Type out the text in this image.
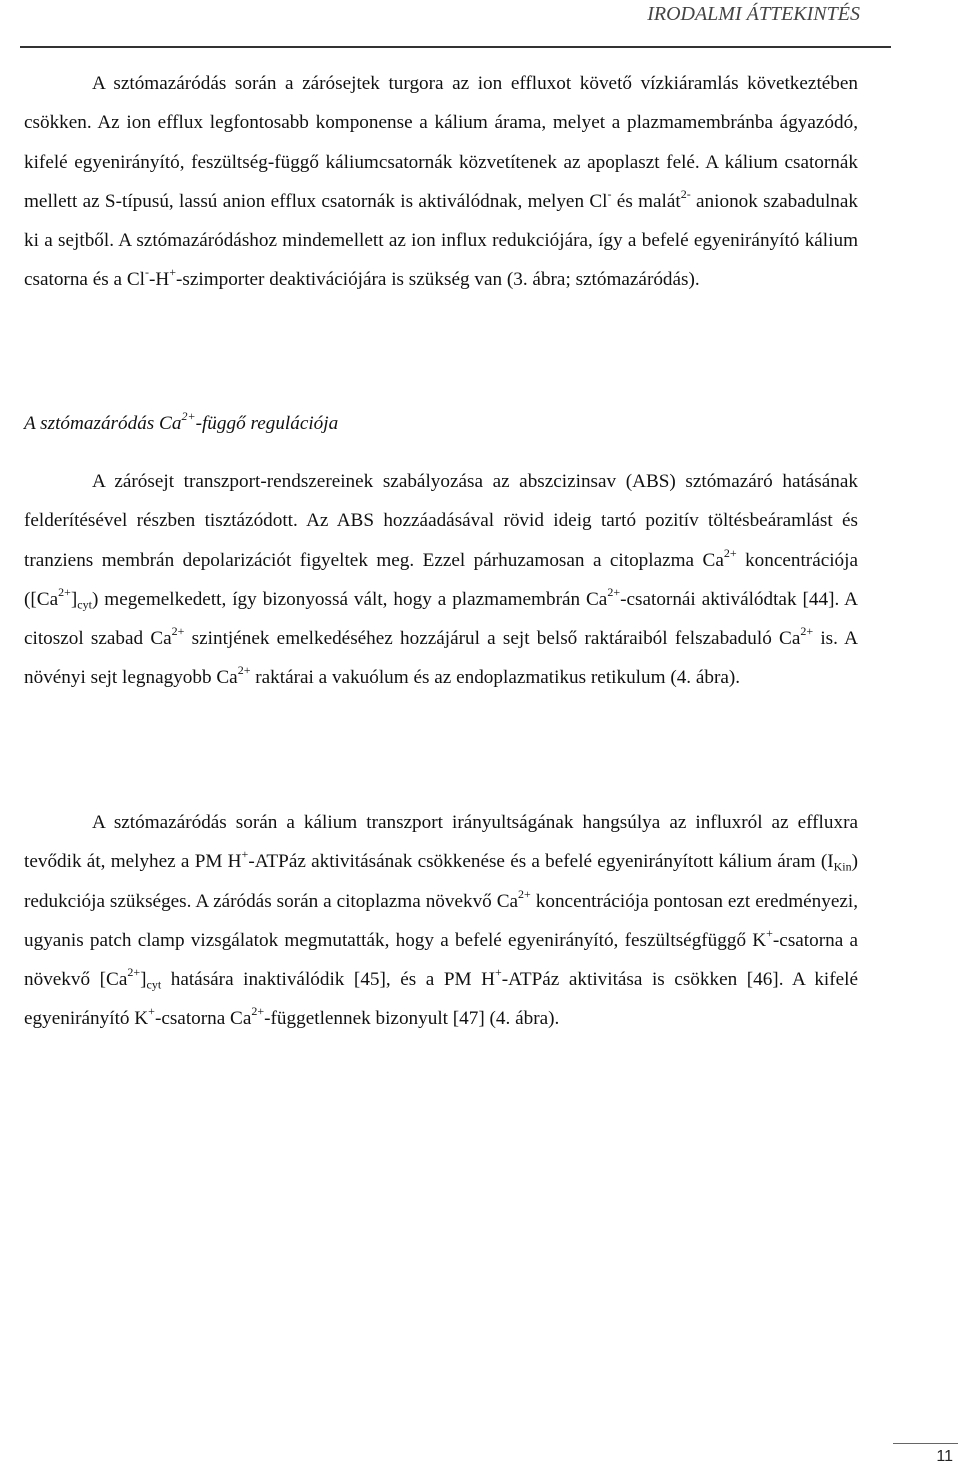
IRODALMI ÁTTEKINTÉS

A sztómazáródás során a zárósejtek turgora az ion effluxot követő vízkiáramlás következtében csökken. Az ion efflux legfontosabb komponense a kálium árama, melyet a plazmamembránba ágyazódó, kifelé egyenirányító, feszültség-függő káliumcsatornák közvetítenek az apoplaszt felé. A kálium csatornák mellett az S-típusú, lassú anion efflux csatornák is aktiválódnak, melyen Cl- és malát$^{2-}$ anionok szabadulnak ki a sejtből. A sztómazáródáshoz mindemellett az ion influx redukciójára, így a befelé egyenirányító kálium csatorna és a Cl--H+-szimporter deaktivációjára is szükség van (3. ábra; sztómazáródás).

A sztómazáródás $Ca^{2+}$-függő regulációja

A zárósejt transzport-rendszereinek szabályozása az abszcizinsav (ABS) sztómazáró hatásának felderítésével részben tisztázódott. Az ABS hozzáadásával rövid ideig tartó pozitív töltésbeáramlást és tranziens membrán depolarizációt figyeltek meg. Ezzel párhuzamosan a citoplazma $Ca^{2+}$ koncentrációja $([Ca^{2+}]_{cyt})$ megemelkedett, így bizonyossá vált, hogy a plazmamembrán $Ca^{2+}$-csatornái aktiválódtak [44]. A citoszol szabad $Ca^{2+}$ szintjének emelkedéséhez hozzájárul a sejt belső raktáraiból felszabaduló $Ca^{2+}$ is. A növényi sejt legnagyobb $Ca^{2+}$ raktárai a vakuólum és az endoplazmatikus retikulum (4. ábra).

A sztómazáródás során a kálium transzport irányultságának hangsúlya az influxról az effluxra tevődik át, melyhez a PM H+-ATPáz aktivitásának csökkenése és a befelé egyenirányított kálium áram $(I_{Kin})$ redukciója szükséges. A záródás során a citoplazma növekvő $Ca^{2+}$ koncentrációja pontosan ezt eredményezi, ugyanis patch clamp vizsgálatok megmutatták, hogy a befelé egyenirányító, feszültségfüggő K+-csatorna a növekvő $[Ca^{2+}]_{cyt}$ hatására inaktiválódik [45], és a PM H+-ATPáz aktivitása is csökken [46]. A kifelé egyenirányító K+-csatorna $Ca^{2+}$-függetlennek bizonyult [47] (4. ábra).

11
